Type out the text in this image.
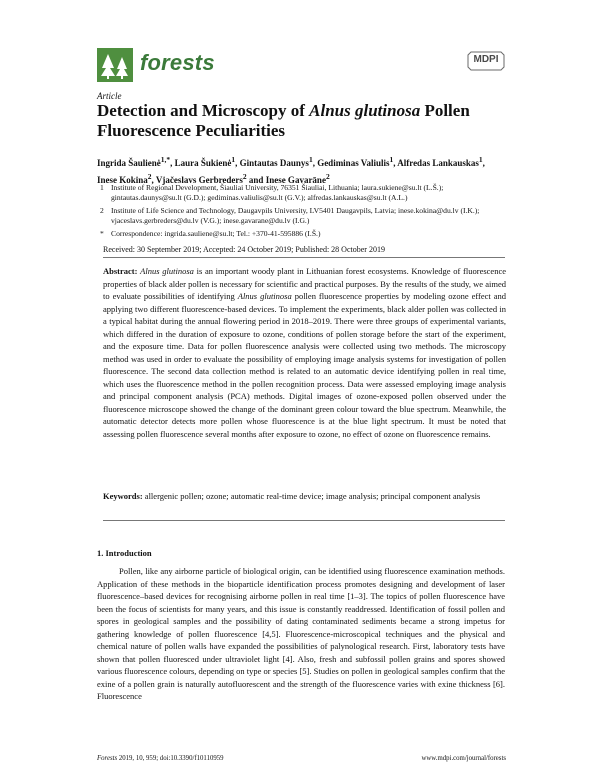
forests	MDPI
Article
Detection and Microscopy of Alnus glutinosa Pollen Fluorescence Peculiarities
Ingrida Šaulienė$^{1,*}$, Laura Šukienė$^1$, Gintautas Daunys$^1$, Gediminas Valiulis$^1$, Alfredas Lankauskas$^1$, Inese Kokina$^2$, Vjačeslavs Gerbreders$^2$ and Inese Gavarāne$^2$
1 Institute of Regional Development, Šiauliai University, 76351 Šiauliai, Lithuania; laura.sukiene@su.lt (L.Š.); gintautas.daunys@su.lt (G.D.); gediminas.valiulis@su.lt (G.V.); alfredas.lankauskas@su.lt (A.L.)
2 Institute of Life Science and Technology, Daugavpils University, LV5401 Daugavpils, Latvia; inese.kokina@du.lv (I.K.); vjaceslavs.gerbreders@du.lv (V.G.); inese.gavarane@du.lv (I.G.)
* Correspondence: ingrida.sauliene@su.lt; Tel.: +370-41-595886 (I.Š.)
Received: 30 September 2019; Accepted: 24 October 2019; Published: 28 October 2019
Abstract: Alnus glutinosa is an important woody plant in Lithuanian forest ecosystems. Knowledge of fluorescence properties of black alder pollen is necessary for scientific and practical purposes. By the results of the study, we aimed to evaluate possibilities of identifying Alnus glutinosa pollen fluorescence properties by modeling ozone effect and applying two different fluorescence-based devices. To implement the experiments, black alder pollen was collected in a typical habitat during the annual flowering period in 2018–2019. There were three groups of experimental variants, which differed in the duration of exposure to ozone, conditions of pollen storage before the start of the experiment, and the exposure time. Data for pollen fluorescence analysis were collected using two methods. The microscopy method was used in order to evaluate the possibility of employing image analysis systems for investigation of pollen fluorescence. The second data collection method is related to an automatic device identifying pollen in real time, which uses the fluorescence method in the pollen recognition process. Data were assessed employing image analysis and principal component analysis (PCA) methods. Digital images of ozone-exposed pollen observed under the fluorescence microscope showed the change of the dominant green colour toward the blue spectrum. Meanwhile, the automatic detector detects more pollen whose fluorescence is at the blue light spectrum. It must be noted that assessing pollen fluorescence several months after exposure to ozone, no effect of ozone on fluorescence remains.
Keywords: allergenic pollen; ozone; automatic real-time device; image analysis; principal component analysis
1. Introduction
Pollen, like any airborne particle of biological origin, can be identified using fluorescence examination methods. Application of these methods in the bioparticle identification process promotes designing and development of laser fluorescence–based devices for recognising airborne pollen in real time [1–3]. The topics of pollen fluorescence have been the focus of scientists for many years, and this issue is constantly readdressed. Identification of fossil pollen and spores in geological samples and the possibility of dating contaminated sediments became a strong impetus for gathering knowledge of pollen fluorescence [4,5]. Fluorescence-microscopical techniques and the physical and chemical nature of pollen walls have expanded the possibilities of palynological research. First, laboratory tests have shown that pollen fluoresced under ultraviolet light [4]. Also, fresh and subfossil pollen grains and spores showed various fluorescence colours, depending on type or species [5]. Studies on pollen in geological samples confirm that the exine of a pollen grain is naturally autofluorescent and the strength of the fluorescence varies with exine thickness [6]. Fluorescence
Forests 2019, 10, 959; doi:10.3390/f10110959	www.mdpi.com/journal/forests
